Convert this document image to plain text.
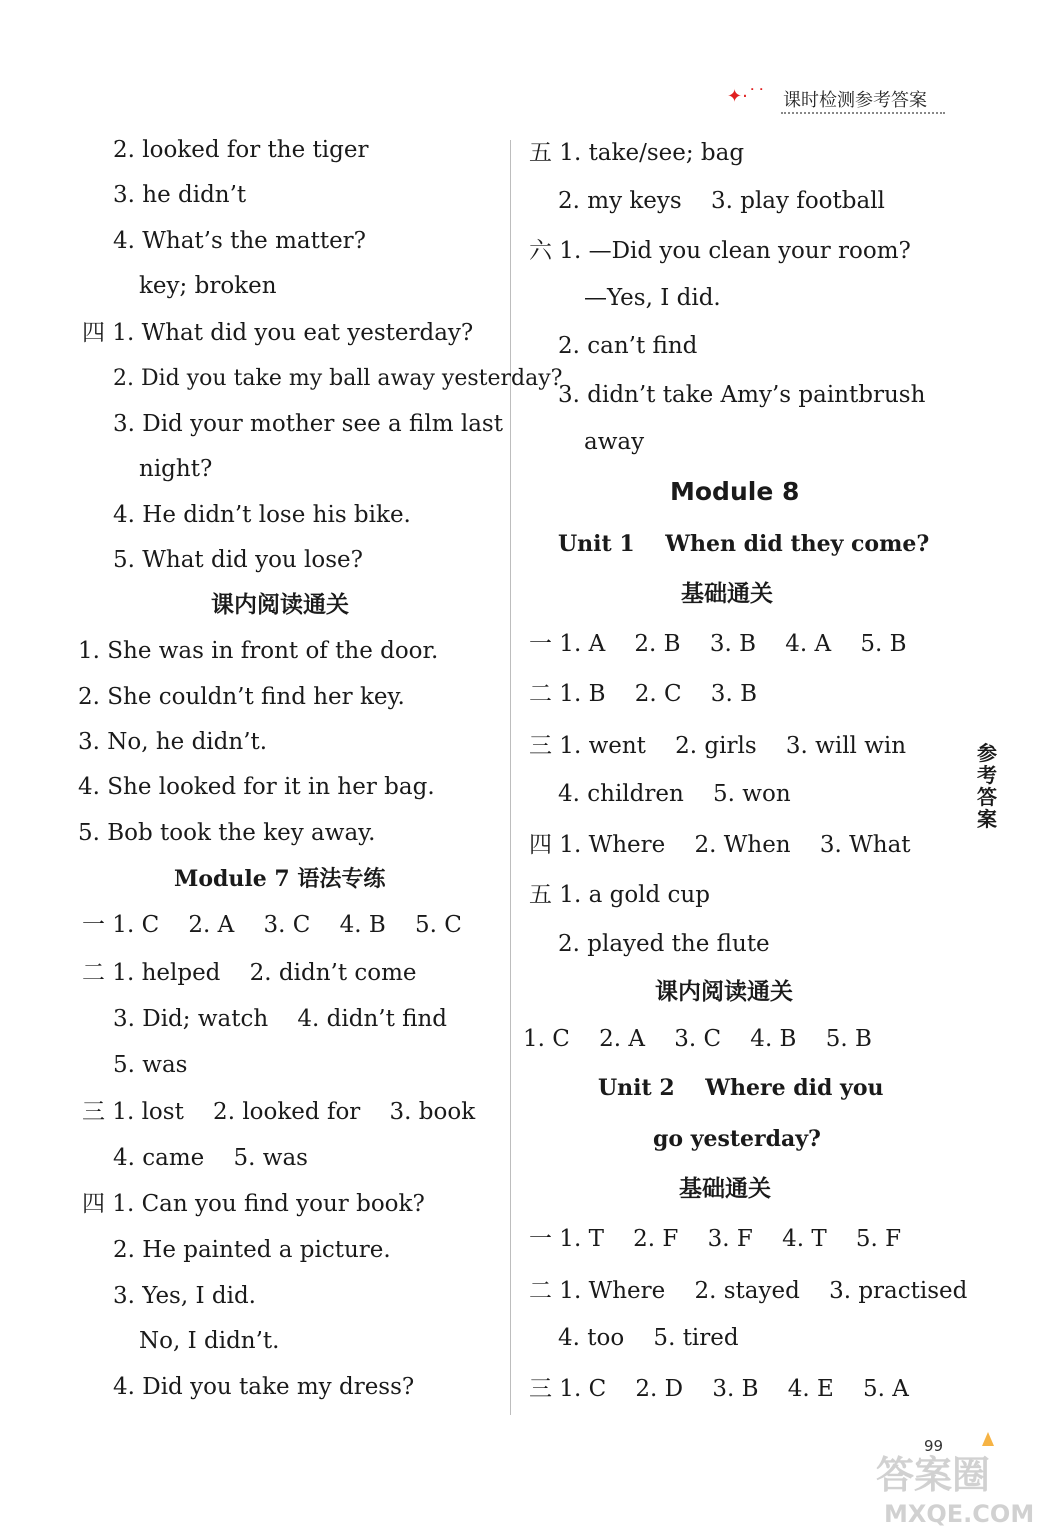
✦·˙˙ 课时检测参考答案
2. looked for the tiger
3. he didn’t
4. What’s the matter?
key; broken
四 1. What did you eat yesterday?
2. Did you take my ball away yesterday?
3. Did your mother see a film last
night?
4. He didn’t lose his bike.
5. What did you lose?
课内阅读通关
1. She was in front of the door.
2. She couldn’t find her key.
3. No, he didn’t.
4. She looked for it in her bag.
5. Bob took the key away.
Module 7 语法专练
一 1. C    2. A    3. C    4. B    5. C
二 1. helped    2. didn’t come
3. Did; watch    4. didn’t find
5. was
三 1. lost    2. looked for    3. book
4. came    5. was
四 1. Can you find your book?
2. He painted a picture.
3. Yes, I did.
No, I didn’t.
4. Did you take my dress?
五 1. take/see; bag
2. my keys    3. play football
六 1. —Did you clean your room?
—Yes, I did.
2. can’t find
3. didn’t take Amy’s paintbrush
away
Module 8
Unit 1    When did they come?
基础通关
一 1. A    2. B    3. B    4. A    5. B
二 1. B    2. C    3. B
三 1. went    2. girls    3. will win
4. children    5. won
四 1. Where    2. When    3. What
五 1. a gold cup
2. played the flute
课内阅读通关
1. C    2. A    3. C    4. B    5. B
Unit 2    Where did you
go yesterday?
基础通关
一 1. T    2. F    3. F    4. T    5. F
二 1. Where    2. stayed    3. practised
4. too    5. tired
三 1. C    2. D    3. B    4. E    5. A
参
考
答
案
99
答案圈
MXQE.COM
